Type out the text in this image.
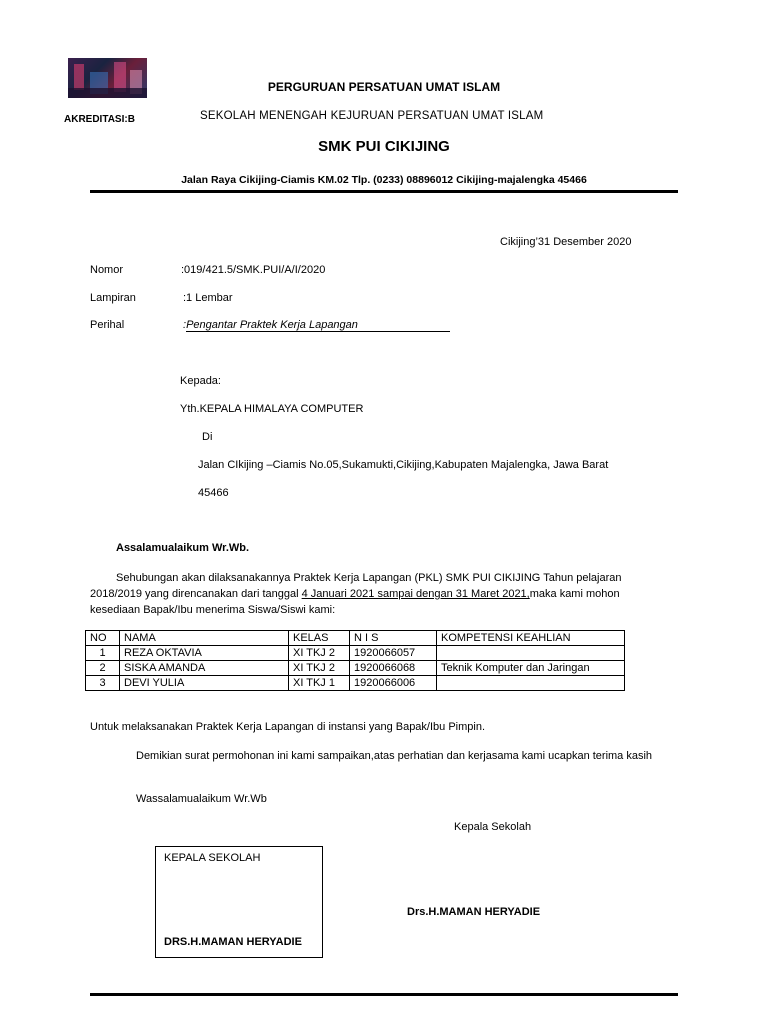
PERGURUAN PERSATUAN UMAT ISLAM
AKREDITASI:B	SEKOLAH MENENGAH KEJURUAN PERSATUAN UMAT ISLAM
SMK PUI CIKIJING
Jalan Raya Cikijing-Ciamis KM.02 Tlp. (0233) 08896012 Cikijing-majalengka 45466
Cikijing’31 Desember 2020
Nomor	:019/421.5/SMK.PUI/A/I/2020
Lampiran	:1 Lembar
Perihal	:Pengantar Praktek Kerja Lapangan
Kepada:
Yth.KEPALA HIMALAYA COMPUTER
Di
Jalan CIkijing –Ciamis No.05,Sukamukti,Cikijing,Kabupaten Majalengka, Jawa Barat
45466
Assalamualaikum Wr.Wb.
Sehubungan akan dilaksanakannya Praktek Kerja Lapangan (PKL) SMK PUI CIKIJING Tahun pelajaran 2018/2019 yang direncanakan dari tanggal 4 Januari 2021 sampai dengan 31 Maret 2021,maka kami mohon kesediaan Bapak/Ibu menerima Siswa/Siswi kami:
NO	NAMA	KELAS	N I S	KOMPETENSI KEAHLIAN
1	REZA OKTAVIA	XI TKJ 2	1920066057	
2	SISKA AMANDA	XI TKJ 2	1920066068	Teknik Komputer dan Jaringan
3	DEVI YULIA	XI TKJ 1	1920066006	
Untuk melaksanakan Praktek Kerja Lapangan di instansi yang Bapak/Ibu Pimpin.
Demikian surat permohonan ini kami sampaikan,atas perhatian dan kerjasama kami ucapkan terima kasih
Wassalamualaikum Wr.Wb
Kepala Sekolah
KEPALA SEKOLAH
DRS.H.MAMAN HERYADIE
Drs.H.MAMAN HERYADIE
